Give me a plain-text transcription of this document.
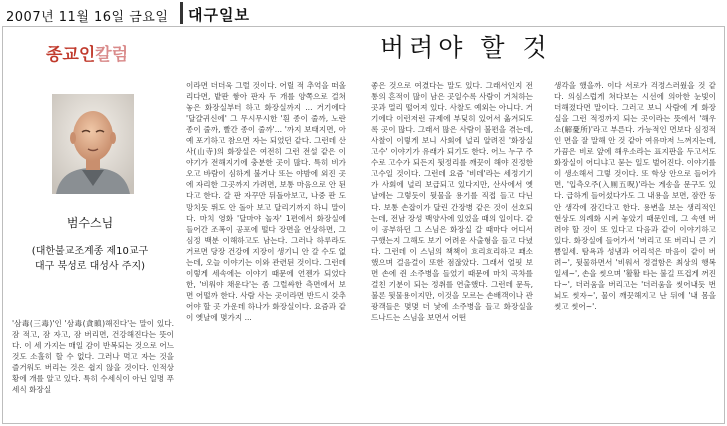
2007년 11월 16일 금요일 대구일보
종교인칼럼	버려야 할 것
범수스님
(대한불교조계종 제10교구
대구 북성로 대성사 주지)

'삼毒(三毒)'인 '삼毒(貪瞋)해진다'는 말이 있다. 잠 적고, 잠 자고, 잠 버리면, 건강해진다는 뜻이다. 이 세 가지는 매일 감이 반복되는 것으로 어느 것도 소홀히 할 수 없다. 그러나 먹고 자는 것을 즐거워도 버리는 것은 쉽지 않을 것이다. 인적상황에 개를 알고 있다. 특히 수세식이 아닌 일명 푸세식 화장실

이라면 더더욱 그럴 것이다. 어릴 적 추억을 떠올리다면, 밭판 쌓아 판자 두 개를 양쪽으로 걸쳐 놓은 화장실부터 하고 화장실까지 ... 거기에다 '달걀귀신에' 그 무시무시한 '흰 종이 줄까, 노란 종이 줄까, 빨간 종이 줄까'... '까지 보태지면, 아예 포기하고 참으면 자는 되었던 같다. 그런데 산사(山寺)의 화장실은 여전히 그런 전설 같은 이야기가 전해지기에 충분한 곳이 많다. 특히 비가 오고 바람이 심하게 불거나 또는 야밤에 외진 곳에 자리한 그곳까지 가려면, 보통 마음으로 안 된다고 한다. 갈 판 자꾸만 뒤돌아보고, 나중 판 도망치듯 뛰도 안 돌아 보고 달리기까지 하니 말이다. 마치 영화 '달마야 놀자' 1편에서 화장실에 들어간 조폭이 공포에 떨다 장면을 연상하면, 그 심정 백분 이해하고도 남는다. 그러나 하루라도 거르면 당장 건강에 지장이 생기니 안 갈 수도 없는데, 오늘 이야기는 이와 관련된 것이다. 그런데 이렇게 세속에는 이야기 때문에 언젠가 되었다한, '비워야 채운다'는 좀 그럴싸한 측면에서 보면 어떨까 한다. 사람 사는 곳이라면 반드시 갖추어야 할 곳 가운데 하나가 화장실이다. 요즘과 같이 옛날에 몇가지 ...

좋은 것으로 여겼다는 말도 있다. 그래서인지 전통의 흔적이 많이 남은 곳일수록 사람이 거처하는 곳과 멀리 떨어져 있다. 사찰도 예외는 아니다. 거기에다 이런저런 규제에 부딪히 있어서 옮겨되도록 곳이 많다. 그래서 많은 사람이 불편을 겪는데, 사찰이 이렇게 보니 사회에 널리 알려진 '화장실 고수' 이야기가 유래가 되기도 한다. 어느 누구 주수로 고수가 되든지 뒷정리를 깨끗이 해야 진정한 고수일 것이다. 그런데 요즘 '비데'라는 세정기기가 사회에 널리 보급되고 있다지만, 산사에서 옛날에는 그렇듯이 뒷물을 용기를 직접 들고 다닌다. 보통 손잡이가 달린 간장병 같은 것이 선호되는데, 전남 장성 백양사에 있었을 때의 일이다. 같이 공부하던 그 스님은 화장실 갈 때마다 어디서 구했는지 그해도 보기 어려운 사출형을 들고 다녔다. 그런데 이 스님의 책책이 흐리흐리하고 꽤소했으며 걸음걸이 또한 점잖았다. 그래서 얼핏 보면 손에 쥔 소주병을 들었기 때문에 마치 곡차를 걸친 기분이 되는 정취를 연출했다. 그런데 문득, 불론 뒷물용이지만, 이것을 모르는 손배객이나 관광객들은 몇몇 더 낯에 소주병을 들고 화장실을 드나드는 스님을 보면서 어떤

생각을 했을까. 이다 서로가 걱정스러웠을 것 같다. 의심스럽게 쳐다보는 시선에 의아한 눈빛이 더해졌다면 말이다. 그러고 보니 사람에 게 화장실을 그런 적정까지 되는 곳이라는 뜻에서 '해우소(解憂所)'라고 부른다. 가능적인 면보다 심정적인 면을 잘 말해 안 것 같아 여유마저 느껴지는데, 가끔은 비로 앞에 해우소라는 표지판을 두고서도 화장실이 어디냐고 묻는 일도 벌어진다. 이야기를 이 생소해서 그렇 것이다. 또 학상 안으로 들어가면, '입측오주(入厠五呪)'라는 게송을 문구도 있다. 급하게 들어섰다가도 그 내용을 보면, 잠깐 동안 생각에 잠긴다고 한다. 용변을 보는 생리적인 현상도 의례화 시켜 놓았기 때문인데, 그 속엔 버려야 할 것이 또 있다고 다음과 같이 이야기하고 있다. 화장실에 들어가서 '버리고 또 버리니 큰 기쁨일세. 탐욕과 성냄과 어리석은 마음이 같이 버려~', 뒷물하면서 '비워서 정결함은 최상의 행복일세~', 손을 씻으며 '활활 타는 불길 뜨겁게 꺼진다~', 더러움을 버리고는 '더러움을 씻어내듯 번뇌도 씻자~', 물이 깨끗해지고 난 뒤에 '내 몸을 씻고 씻어~'.
